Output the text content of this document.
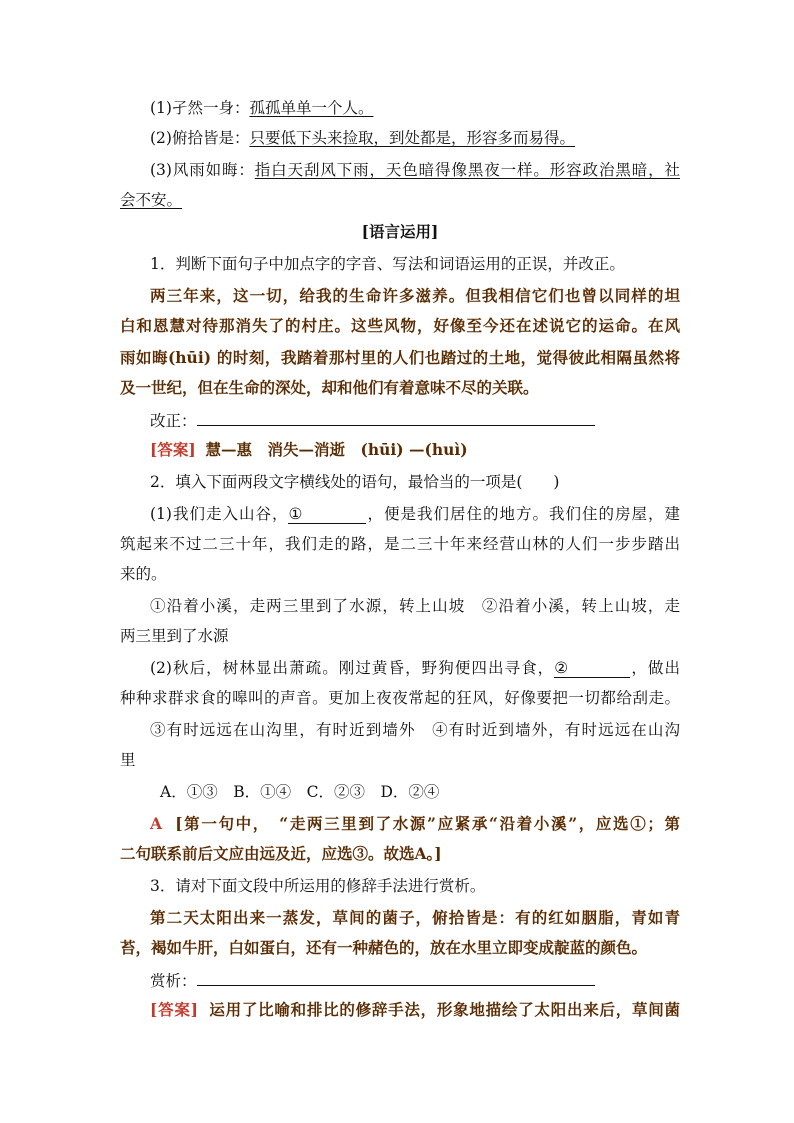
(1)孑然一身：孤孤单单一个人。
(2)俯拾皆是：只要低下头来捡取，到处都是，形容多而易得。
(3)风雨如晦：指白天刮风下雨，天色暗得像黑夜一样。形容政治黑暗，社
会不安。
[语言运用]
1．判断下面句子中加点字的字音、写法和词语运用的正误，并改正。
两三年来，这一切，给我的生命许多滋养。但我相信它们也曾以同样的坦
白和恩慧对待那消失了的村庄。这些风物，好像至今还在述说它的运命。在风
雨如晦(hūi) 的时刻，我踏着那村里的人们也踏过的土地，觉得彼此相隔虽然将
及一世纪，但在生命的深处，却和他们有着意味不尽的关联。
改正：
[答案] 慧—惠　消失—消逝　(hūi) —(huì)
2．填入下面两段文字横线处的语句，最恰当的一项是(　　)
(1)我们走入山谷，①	，便是我们居住的地方。我们住的房屋，建
筑起来不过二三十年，我们走的路，是二三十年来经营山林的人们一步步踏出
来的。
①沿着小溪，走两三里到了水源，转上山坡　②沿着小溪，转上山坡，走
两三里到了水源
(2)秋后，树林显出萧疏。刚过黄昏，野狗便四出寻食，②	，做出
种种求群求食的嗥叫的声音。更加上夜夜常起的狂风，好像要把一切都给刮走。
③有时远远在山沟里，有时近到墙外　④有时近到墙外，有时远远在山沟
里
A．①③　B．①④　C．②③　D．②④
A [第一句中，　“走两三里到了水源”应紧承“沿着小溪”，应选①；第
二句联系前后文应由远及近，应选③。故选A。]
3．请对下面文段中所运用的修辞手法进行赏析。
第二天太阳出来一蒸发，草间的菌子，俯拾皆是：有的红如胭脂，青如青
苔，褐如牛肝，白如蛋白，还有一种赭色的，放在水里立即变成靛蓝的颜色。
赏析：
[答案] 运用了比喻和排比的修辞手法，形象地描绘了太阳出来后，草间菌
